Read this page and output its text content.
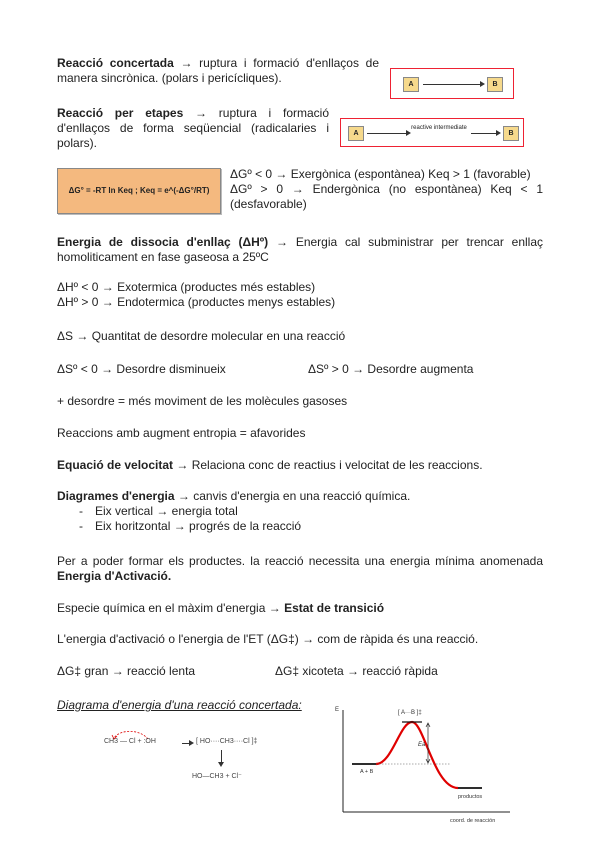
Reacció concertada → ruptura i formació d'enllaços de manera sincrònica. (polars i pericícliques).	A	B

Reacció per etapes → ruptura i formació d'enllaços de forma seqüencial (radicalaries i polars).

A
reactive intermediate
B
ΔG° = -RT ln Keq ; Keq = e^(-ΔG°/RT)

ΔGº < 0 → Exergònica (espontànea) Keq > 1 (favorable)
ΔGº > 0 → Endergònica (no espontànea) Keq < 1 (desfavorable)

Energia de dissocia d'enllaç (ΔHº) → Energia cal subministrar per trencar enllaç homoliticament en fase gaseosa a 25ºC

ΔHº < 0 → Exotermica (productes més estables)
ΔHº > 0 → Endotermica (productes menys estables)

ΔS → Quantitat de desordre molecular en una reacció

ΔSº < 0 → Desordre disminueix	ΔSº > 0 → Desordre augmenta

+ desordre = més moviment de les molècules gasoses

Reaccions amb augment entropia = afavorides

Equació de velocitat → Relaciona conc de reactius i velocitat de les reaccions.

Diagrames d'energia → canvis d'energia en una reacció química.
- Eix vertical → energia total
- Eix horitzontal → progrés de la reacció

Per a poder formar els productes. la reacció necessita una energia mínima anomenada Energia d'Activació.

Especie química en el màxim d'energia → Estat de transició

L'energia d'activació o l'energia de l'ET (ΔG‡) → com de ràpida és una reacció.

ΔG‡ gran → reacció lenta	ΔG‡ xicoteta → reacció ràpida

Diagrama d'energia d'una reacció concertada:

CH3 — Cl + :OH	[ HO····CH3····Cl ]‡
HO—CH3 + Cl⁻
E
coord. de reacción
Ea
[ A···B ]‡
A + B
productos
